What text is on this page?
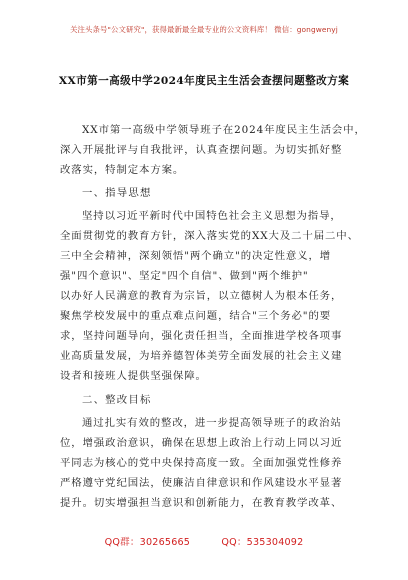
关注头条号"公文研究"，获得最新最全最专业的公文资料库！ 微信：gongwenyj
XX市第一高级中学2024年度民主生活会查摆问题整改方案
XX市第一高级中学领导班子在2024年度民主生活会中，
深入开展批评与自我批评，认真查摆问题。为切实抓好整
改落实，特制定本方案。
一、指导思想
坚持以习近平新时代中国特色社会主义思想为指导，
全面贯彻党的教育方针，深入落实党的XX大及二十届二中、
三中全会精神，深刻领悟"两个确立"的决定性意义，增
强"四个意识"、坚定"四个自信"、做到"两个维护"
以办好人民满意的教育为宗旨，以立德树人为根本任务，
聚焦学校发展中的重点难点问题，结合"三个务必"的要
求，坚持问题导向，强化责任担当，全面推进学校各项事
业高质量发展，为培养德智体美劳全面发展的社会主义建
设者和接班人提供坚强保障。
二、整改目标
通过扎实有效的整改，进一步提高领导班子的政治站
位，增强政治意识，确保在思想上政治上行动上同以习近
平同志为核心的党中央保持高度一致。全面加强党性修养
严格遵守党纪国法，使廉洁自律意识和作风建设水平显著
提升。切实增强担当意识和创新能力，在教育教学改革、
QQ群：30265665	QQ：535304092
